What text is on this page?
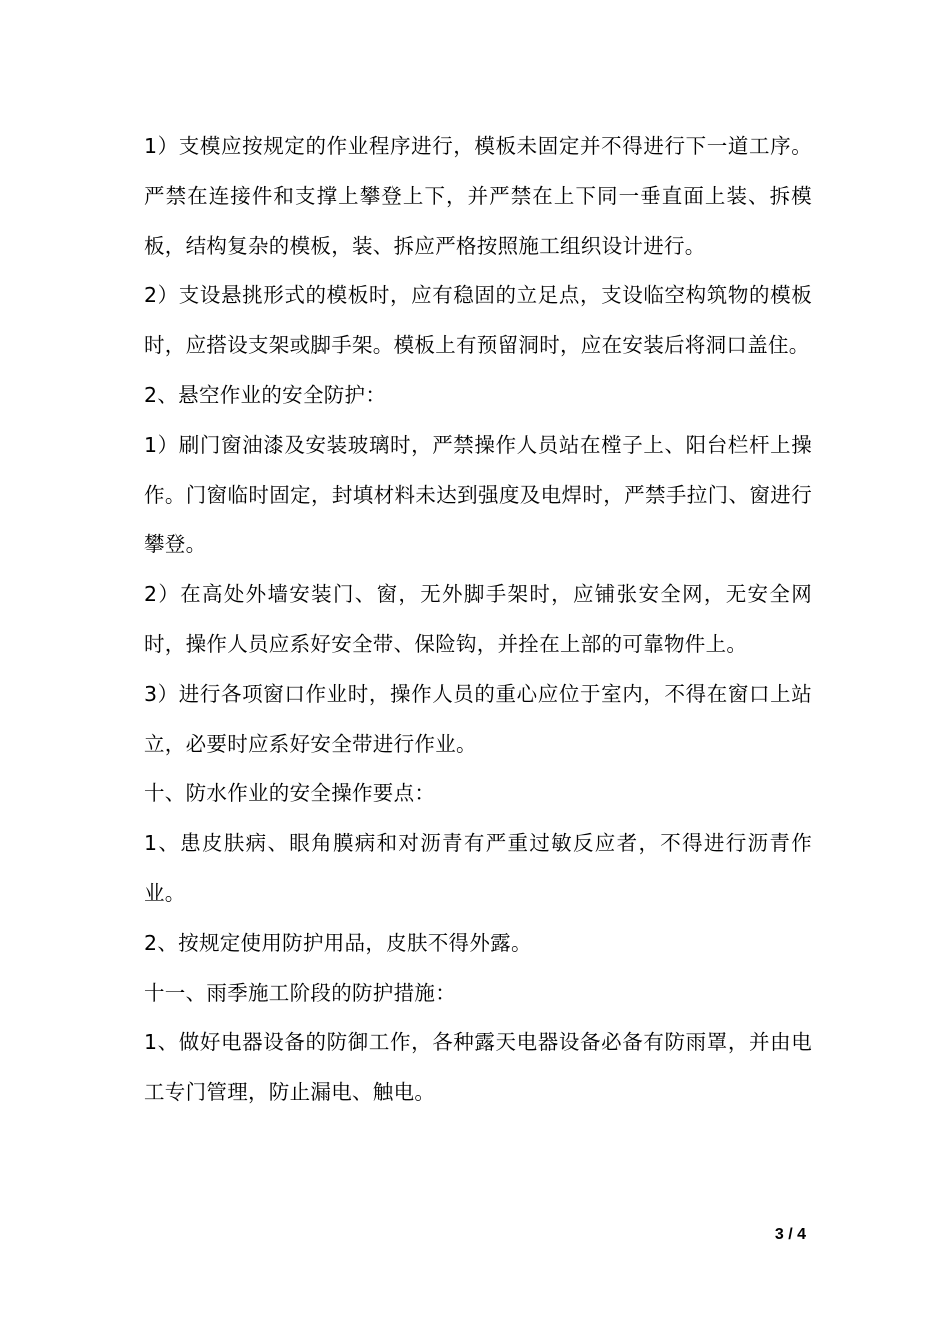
1）支模应按规定的作业程序进行，模板未固定并不得进行下一道工序。严禁在连接件和支撑上攀登上下，并严禁在上下同一垂直面上装、拆模板，结构复杂的模板，装、拆应严格按照施工组织设计进行。

2）支设悬挑形式的模板时，应有稳固的立足点，支设临空构筑物的模板时，应搭设支架或脚手架。模板上有预留洞时，应在安装后将洞口盖住。

2、悬空作业的安全防护：

1）刷门窗油漆及安装玻璃时，严禁操作人员站在樘子上、阳台栏杆上操作。门窗临时固定，封填材料未达到强度及电焊时，严禁手拉门、窗进行攀登。

2）在高处外墙安装门、窗，无外脚手架时，应铺张安全网，无安全网时，操作人员应系好安全带、保险钩，并拴在上部的可靠物件上。

3）进行各项窗口作业时，操作人员的重心应位于室内，不得在窗口上站立，必要时应系好安全带进行作业。

十、防水作业的安全操作要点：

1、患皮肤病、眼角膜病和对沥青有严重过敏反应者，不得进行沥青作业。

2、按规定使用防护用品，皮肤不得外露。

十一、雨季施工阶段的防护措施：

1、做好电器设备的防御工作，各种露天电器设备必备有防雨罩，并由电工专门管理，防止漏电、触电。

3 / 4
